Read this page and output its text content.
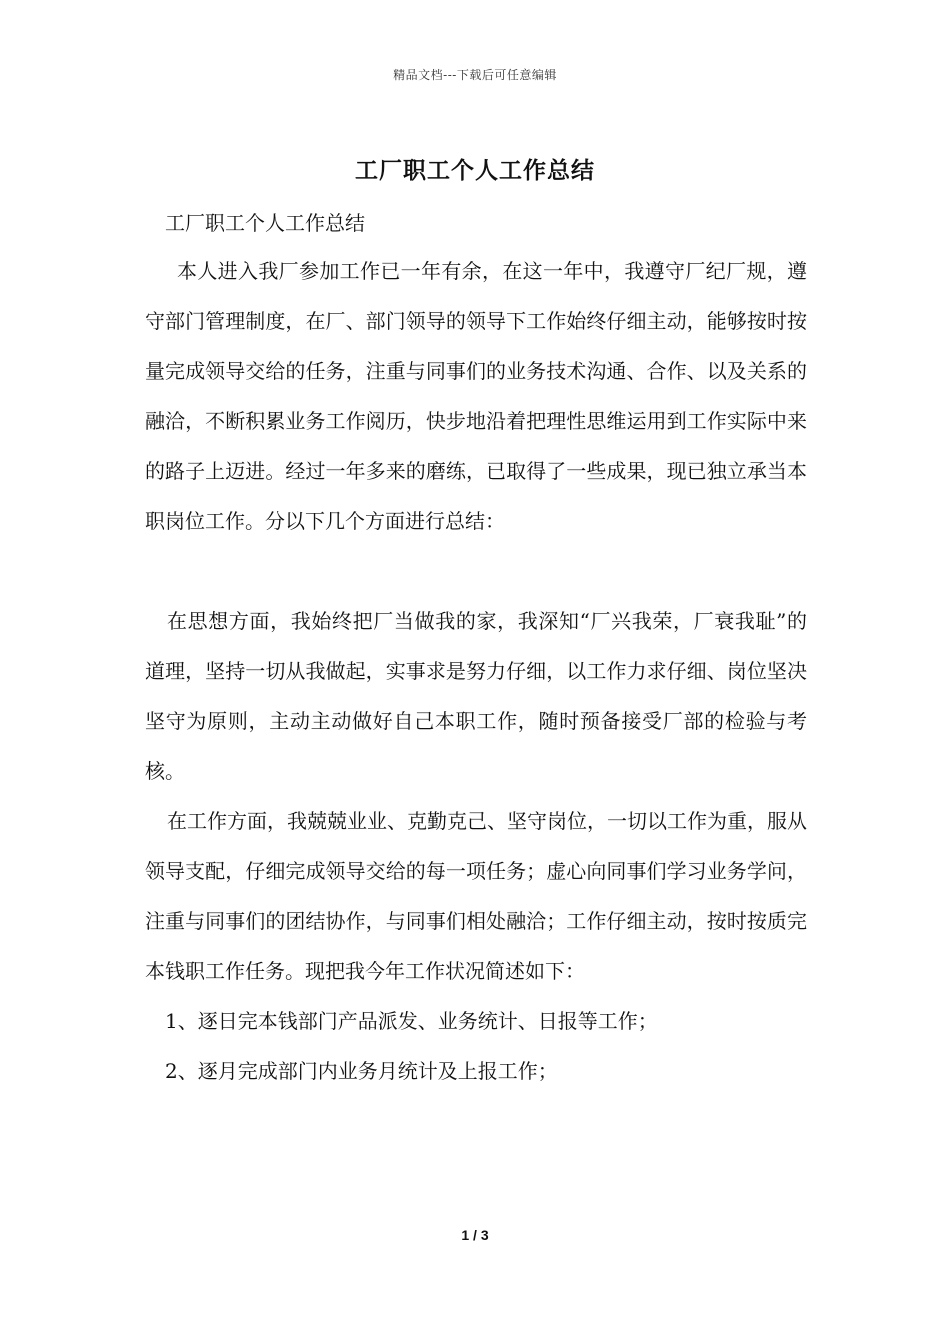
精品文档---下载后可任意编辑
工厂职工个人工作总结

工厂职工个人工作总结

本人进入我厂参加工作已一年有余，在这一年中，我遵守厂纪厂规，遵守部门管理制度，在厂、部门领导的领导下工作始终仔细主动，能够按时按量完成领导交给的任务，注重与同事们的业务技术沟通、合作、以及关系的融洽，不断积累业务工作阅历，快步地沿着把理性思维运用到工作实际中来的路子上迈进。经过一年多来的磨练，已取得了一些成果，现已独立承当本职岗位工作。分以下几个方面进行总结：

在思想方面，我始终把厂当做我的家，我深知“厂兴我荣，厂衰我耻”的道理，坚持一切从我做起，实事求是努力仔细，以工作力求仔细、岗位坚决坚守为原则，主动主动做好自己本职工作，随时预备接受厂部的检验与考核。

在工作方面，我兢兢业业、克勤克己、坚守岗位，一切以工作为重，服从领导支配，仔细完成领导交给的每一项任务；虚心向同事们学习业务学问，注重与同事们的团结协作，与同事们相处融洽；工作仔细主动，按时按质完本钱职工作任务。现把我今年工作状况简述如下：

1、逐日完本钱部门产品派发、业务统计、日报等工作；

2、逐月完成部门内业务月统计及上报工作；

1 / 3
